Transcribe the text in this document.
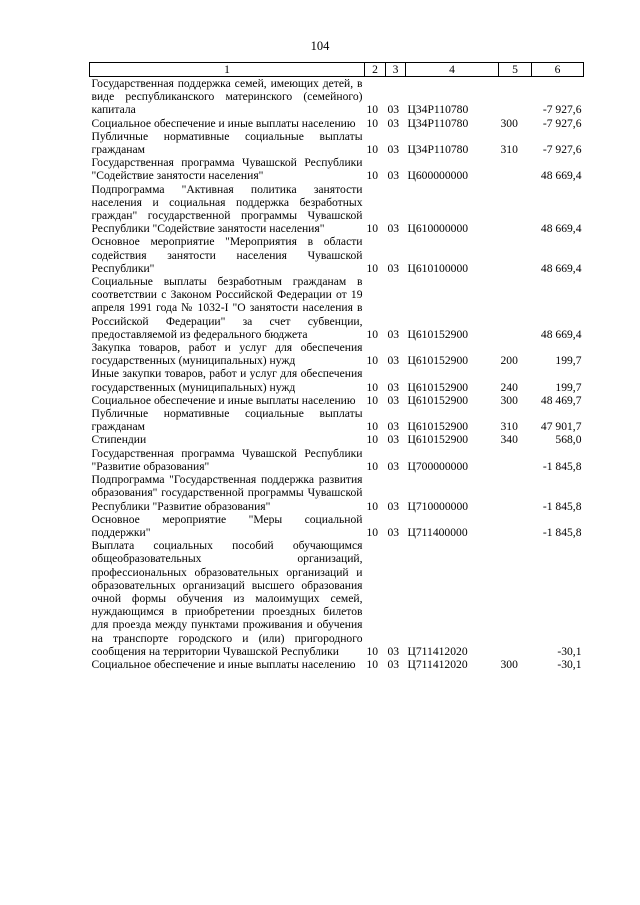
104
1	2	3	4	5	6
Государственная поддержка семей, имеющих детей, в виде республиканского материнского (семейного) капитала	10	03	Ц34Р110780		-7 927,6
Социальное обеспечение и иные выплаты населению	10	03	Ц34Р110780	300	-7 927,6
Публичные нормативные социальные выплаты гражданам	10	03	Ц34Р110780	310	-7 927,6
Государственная программа Чувашской Республики "Содействие занятости населения"	10	03	Ц600000000		48 669,4
Подпрограмма "Активная политика занятости населения и социальная поддержка безработных граждан" государственной программы Чувашской Республики "Содействие занятости населения"	10	03	Ц610000000		48 669,4
Основное мероприятие "Мероприятия в области содействия занятости населения Чувашской Республики"	10	03	Ц610100000		48 669,4
Социальные выплаты безработным гражданам в соответствии с Законом Российской Федерации от 19 апреля 1991 года № 1032-I "О занятости населения в Российской Федерации" за счет субвенции, предоставляемой из федерального бюджета	10	03	Ц610152900		48 669,4
Закупка товаров, работ и услуг для обеспечения государственных (муниципальных) нужд	10	03	Ц610152900	200	199,7
Иные закупки товаров, работ и услуг для обеспечения государственных (муниципальных) нужд	10	03	Ц610152900	240	199,7
Социальное обеспечение и иные выплаты населению	10	03	Ц610152900	300	48 469,7
Публичные нормативные социальные выплаты гражданам	10	03	Ц610152900	310	47 901,7
Стипендии	10	03	Ц610152900	340	568,0
Государственная программа Чувашской Республики "Развитие образования"	10	03	Ц700000000		-1 845,8
Подпрограмма "Государственная поддержка развития образования" государственной программы Чувашской Республики "Развитие образования"	10	03	Ц710000000		-1 845,8
Основное мероприятие "Меры социальной поддержки"	10	03	Ц711400000		-1 845,8
Выплата социальных пособий обучающимся общеобразовательных организаций, профессиональных образовательных организаций и образовательных организаций высшего образования очной формы обучения из малоимущих семей, нуждающимся в приобретении проездных билетов для проезда между пунктами проживания и обучения на транспорте городского и (или) пригородного сообщения на территории Чувашской Республики	10	03	Ц711412020		-30,1
Социальное обеспечение и иные выплаты населению	10	03	Ц711412020	300	-30,1
